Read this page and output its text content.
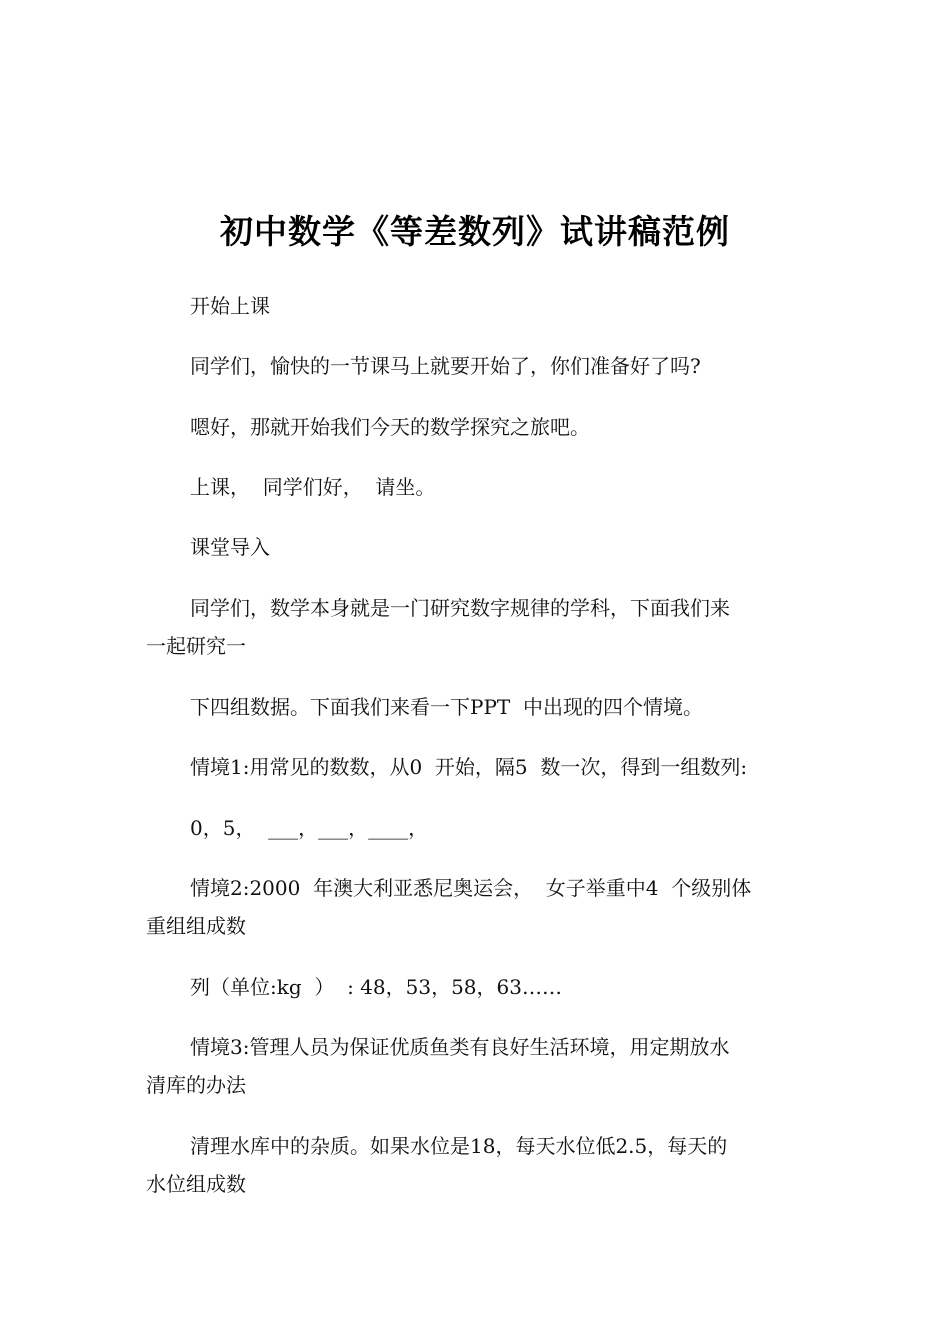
初中数学《等差数列》试讲稿范例

开始上课

同学们，愉快的一节课马上就要开始了，你们准备好了吗?

嗯好，那就开始我们今天的数学探究之旅吧。

上课，  同学们好，  请坐。

课堂导入

同学们，数学本身就是一门研究数字规律的学科，下面我们来

一起研究一

下四组数据。下面我们来看一下PPT  中出现的四个情境。

情境1:用常见的数数，从0  开始，隔5  数一次，得到一组数列:

0，5，  ___，___，____，

情境2:2000  年澳大利亚悉尼奥运会，  女子举重中4  个级别体

重组组成数

列（单位:kg  ）  : 48，53，58，63……

情境3:管理人员为保证优质鱼类有良好生活环境，用定期放水

清库的办法

清理水库中的杂质。如果水位是18，每天水位低2.5，每天的

水位组成数
